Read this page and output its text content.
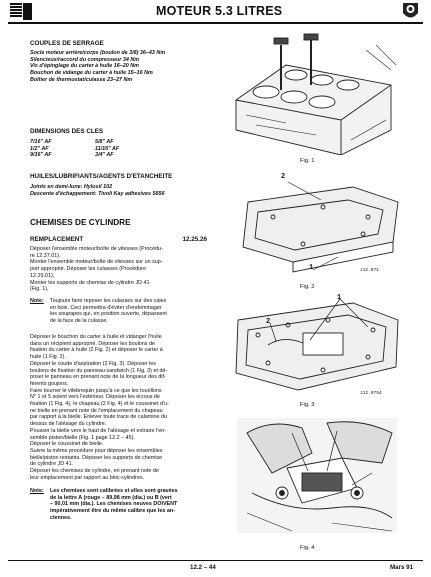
MOTEUR 5.3 LITRES
COUPLES DE SERRAGE
Socle moteur arrière/corps (boulon de 3/8) 36–43 Nm
Silencieux/raccord du compresseur 34 Nm
Vis d'épinglage du carter à huile 16–20 Nm
Bouchon de vidange du carter à huile 15–16 Nm
Boîtier de thermostat/culasse 23–27 Nm
DIMENSIONS DES CLES
7/16" AF	5/8" AF
1/2" AF	11/16" AF
9/16" AF	3/4" AF
HUILES/LUBRIFIANTS/AGENTS D'ETANCHEITE
Joints en demi-lune: Hylosil 102
Descente d'échappement: Tivoli Kay adhesives 5656
CHEMISES DE CYLINDRE
REMPLACEMENT	12.25.26
Déposer l'ensemble moteur/boîte de vitesses (Procédu-
re 12.37.01).
Monter l'ensemble moteur/boîte de vitesses sur un sup-
port approprié. Déposer les culasses (Procédure
12.29.01).
Monter les supports de chemise de cylindre JD 41
(Fig. 1).
Note: Toujours faire reposer les culasses sur des cales
en bois. Ceci permettra d'éviter d'endommager
les soupapes qui, en position ouverte, dépassent
de la face de la culasse.
Déposer le bouchon du carter à huile et vidanger l'huile
dans un récipient approprié. Déposer les boulons de
fixation du carter à huile (2 Fig. 2) et déposer le carter à
huile (1 Fig. 2).
Déposer le coude d'aspiration (2 Fig. 3). Déposer les
boulons de fixation du panneau sandwich (1 Fig. 3) et dé-
poser le panneau en prenant note de la longueur des dif-
férents goujons.
Faire tourner le vilebrequin jusqu'à ce que les tourillons
N° 1 et 5 soient vers l'extérieur. Déposer les écrous de
fixation (1 Fig. 4), le chapeau (2 Fig. 4) et le coussinet d'u-
ne bielle en prenant note de l'emplacement du chapeau
par rapport à la bielle. Enlever toute trace de calamine du
dessus de l'alésage du cylindre.
Pousser la bielle vers le haut de l'alésage et extraire l'en-
semble piston/bielle (Fig. 1 page 12.2 – 45).
Déposer le coussinet de bielle.
Suivre la même procédure pour déposer les ensembles
bielle/piston restants. Déposer les supports de chemise
de cylindre JD 41.
Déposer les chemises de cylindre, en prenant note de
leur emplacement par rapport au bloc-cylindres.
Note: Les chemises sont calibrées et elles sont gravées
de la lettre A (rouge – 89,98 mm (dia.) ou B (vert
– 90,01 mm (dia.). Les chemises neuves DOIVENT
impérativement être du même calibre que les an-
ciennes.
Fig. 1
2
1	J12 071
Fig. 2
1
2
J12 0754
Fig. 3
Fig. 4
12.2 – 44	Mars 91
